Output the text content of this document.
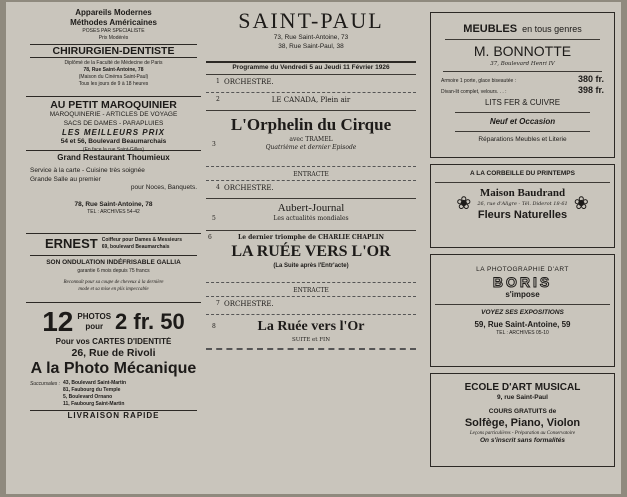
Appareils Modernes
Méthodes Américaines
POSES PAR SPÉCIALISTE
Prix Modérés
CHIRURGIEN-DENTISTE
Diplômé de la Faculté de Médecine de Paris
78, Rue Saint-Antoine, 78
(Maison du Cinéma Saint-Paul)
Tous les jours de 9 à 18 heures
AU PETIT MAROQUINIER
MAROQUINERIE - ARTICLES DE VOYAGE
SACS DE DAMES - PARAPLUIES
LES MEILLEURS PRIX
54 et 56, Boulevard Beaumarchais
(En face la rue Saint-Gilles)
Grand Restaurant Thoumieux
Service à la carte - Cuisine très soignée
Grande Salle au premier
pour Noces, Banquets.
78, Rue Saint-Antoine, 78
TÉL : ARCHIVES 54-42
ERNEST Coiffeur pour Dames & Messieurs
69, boulevard Beaumarchais
SON ONDULATION INDÉFRISABLE GALLIA
garantie 6 mois depuis 75 francs
Reconnaît pour sa coupe de cheveux à la dernière
mode et sa mise en plis impeccable
12 PHOTOS
pour 2 fr. 50
Pour vos CARTES D'IDENTITÉ
26, Rue de Rivoli
A la Photo Mécanique
Succursales : 43, Boulevard Saint-Martin
81, Faubourg du Temple
5, Boulevard Ornano
11, Faubourg Saint-Martin
LIVRAISON RAPIDE
SAINT-PAUL
73, Rue Saint-Antoine, 73
38, Rue Saint-Paul, 38
Programme du Vendredi 5 au Jeudi 11 Février 1926
1 ORCHESTRE.
2	LE CANADA, Plein air
3
L'Orphelin du Cirque
avec TRAMEL
Quatrième et dernier Épisode
ENTRACTE
4 ORCHESTRE.
5
Aubert-Journal
Les actualités mondiales
6	Le dernier triomphe de CHARLIE CHAPLIN
LA RUÉE VERS L'OR
(La Suite après l'Entr'acte)
ENTRACTE
7 ORCHESTRE.
8	La Ruée vers l'Or
SUITE et FIN
MEUBLES en tous genres
M. BONNOTTE
37, Boulevard Henri IV
Armoire 1 porte, glace biseautée :	380 fr.
Divan-lit complet, velours. . . :	398 fr.
LITS FER & CUIVRE
Neuf et Occasion
Réparations Meubles et Literie
A LA CORBEILLE DU PRINTEMPS
❀
Maison Baudrand
26, rue d'Aligre - Tél. Diderot 18-61
Fleurs Naturelles
❀
LA PHOTOGRAPHIE D'ART
BORIS
s'impose
VOYEZ SES EXPOSITIONS
59, Rue Saint-Antoine, 59
TÉL : ARCHIVES 05-10
ECOLE D'ART MUSICAL
9, rue Saint-Paul
COURS GRATUITS de
Solfège, Piano, Violon
Leçons particulières - Préparation au Conservatoire
On s'inscrit sans formalités
